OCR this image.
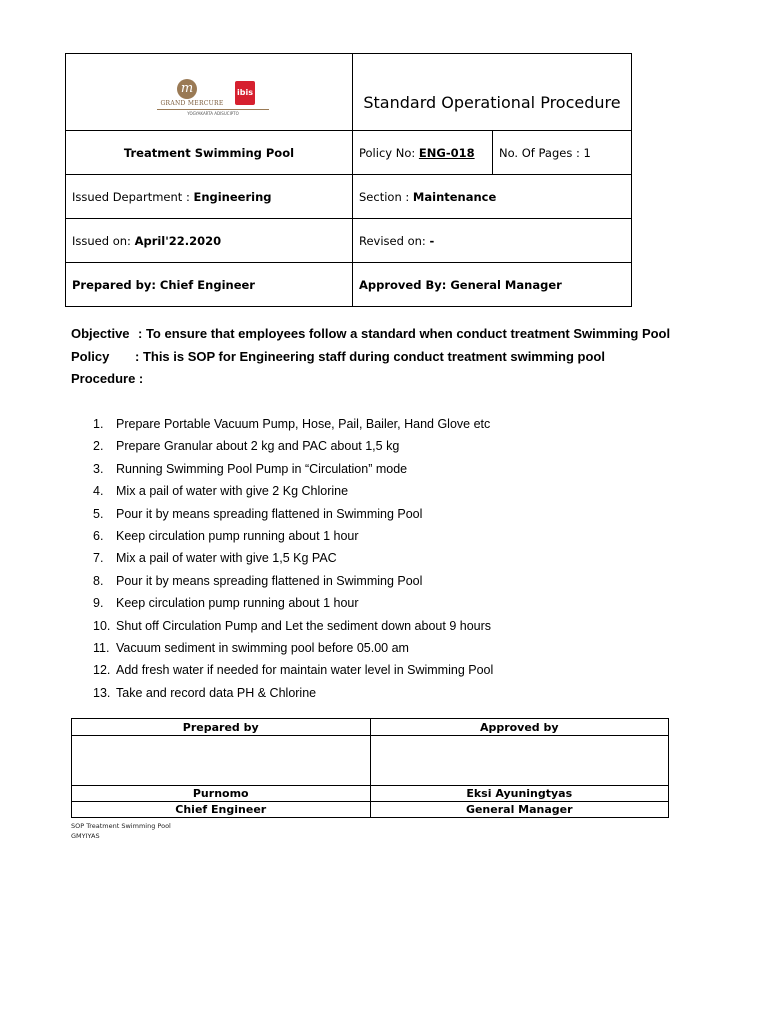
m
GRAND MERCURE
YOGYAKARTA ADISUCIPTO
ibis	Standard Operational Procedure
Treatment Swimming Pool		Policy No: ENG-018	No. Of Pages : 1

Issued Department : Engineering	Section : Maintenance
Issued on: April'22.2020	Revised on: -
Prepared by: Chief Engineer	Approved By: General Manager
Objective : To ensure that employees follow a standard when conduct treatment Swimming Pool
Policy : This is SOP for Engineering staff during conduct treatment swimming pool
Procedure :
1. Prepare Portable Vacuum Pump, Hose, Pail, Bailer, Hand Glove etc
2. Prepare Granular about 2 kg and PAC about 1,5 kg
3. Running Swimming Pool Pump in “Circulation” mode
4. Mix a pail of water with give 2 Kg Chlorine
5. Pour it by means spreading flattened in Swimming Pool
6. Keep circulation pump running about 1 hour
7. Mix a pail of water with give 1,5 Kg PAC
8. Pour it by means spreading flattened in Swimming Pool
9. Keep circulation pump running about 1 hour
10. Shut off Circulation Pump and Let the sediment down about 9 hours
11. Vacuum sediment in swimming pool before 05.00 am
12. Add fresh water if needed for maintain water level in Swimming Pool
13. Take and record data PH & Chlorine
Prepared by	Approved by

Purnomo	Eksi Ayuningtyas
Chief Engineer	General Manager
SOP Treatment Swimming Pool
GMYIYAS
